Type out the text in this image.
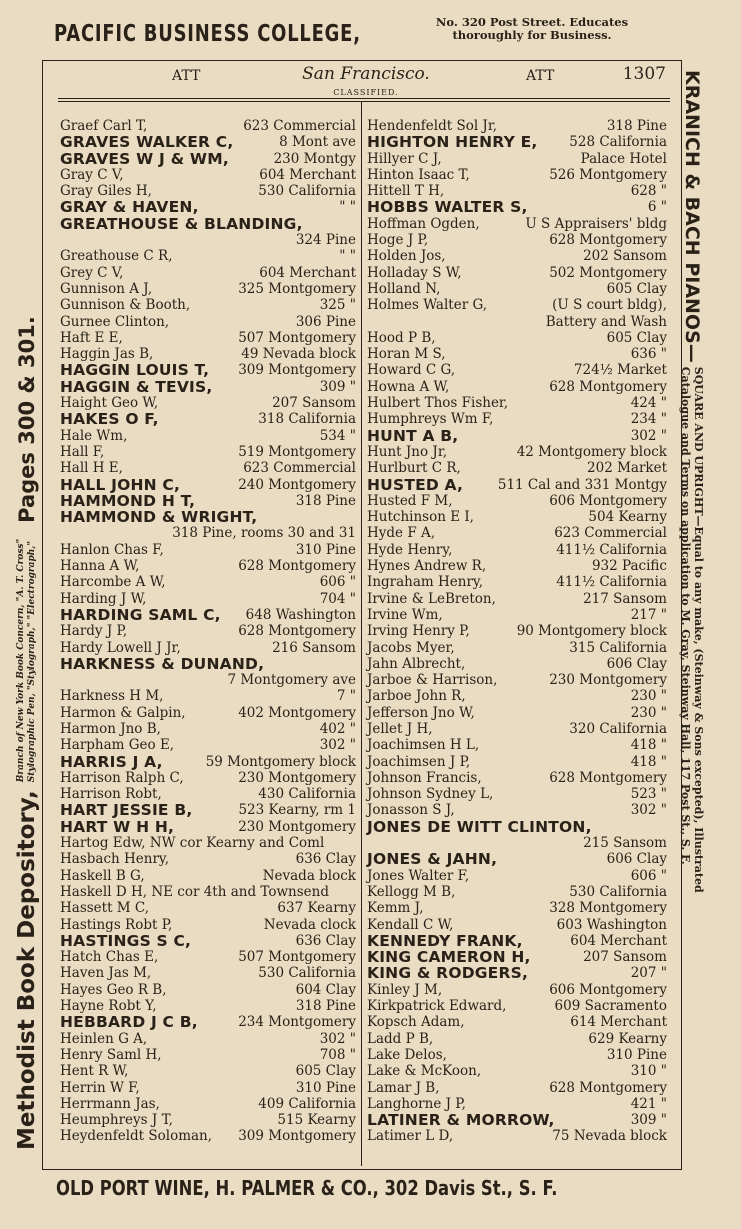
PACIFIC BUSINESS COLLEGE,	No. 320 Post Street. Educates
thoroughly for Business.
Methodist Book Depository,
Branch of New York Book Concern, "A. T. Cross" Stylographic Pen, "Stylograph," "Electrograph,"
Pages 300 & 301.
KRANICH & BACH PIANOS—
SQUARE AND UPRIGHT—Equal to any make, (Steinway & Sons excepted), Illustrated
Catalogue and Terms on application to M. Gray, Steinway Hall, 117 Post St., S. F.
ATT	San Francisco.	ATT	1307
CLASSIFIED.
Graef Carl T,	623 Commercial
GRAVES WALKER C,	8 Mont ave
GRAVES W J & WM,	230 Montgy
Gray C V,	604 Merchant
Gray Giles H,	530 California
GRAY & HAVEN,	" "
GREATHOUSE & BLANDING,
324 Pine
Greathouse C R,	" "
Grey C V,	604 Merchant
Gunnison A J,	325 Montgomery
Gunnison & Booth,	325 "
Gurnee Clinton,	306 Pine
Haft E E,	507 Montgomery
Haggin Jas B,	49 Nevada block
HAGGIN LOUIS T, 309 Montgomery
HAGGIN & TEVIS,	309 "
Haight Geo W,	207 Sansom
HAKES O F,	318 California
Hale Wm,	534 "
Hall F,	519 Montgomery
Hall H E,	623 Commercial
HALL JOHN C,	240 Montgomery
HAMMOND H T,	318 Pine
HAMMOND & WRIGHT,
318 Pine, rooms 30 and 31
Hanlon Chas F,	310 Pine
Hanna A W,	628 Montgomery
Harcombe A W,	606 "
Harding J W,	704 "
HARDING SAML C, 648 Washington
Hardy J P,	628 Montgomery
Hardy Lowell J Jr,	216 Sansom
HARKNESS & DUNAND,
7 Montgomery ave
Harkness H M,	7 "
Harmon & Galpin,	402 Montgomery
Harmon Jno B,	402 "
Harpham Geo E,	302 "
HARRIS J A,	59 Montgomery block
Harrison Ralph C,	230 Montgomery
Harrison Robt,	430 California
HART JESSIE B,	523 Kearny, rm 1
HART W H H,	230 Montgomery
Hartog Edw, NW cor Kearny and Coml
Hasbach Henry,	636 Clay
Haskell B G,	Nevada block
Haskell D H, NE cor 4th and Townsend
Hassett M C,	637 Kearny
Hastings Robt P,	Nevada clock
HASTINGS S C,	636 Clay
Hatch Chas E,	507 Montgomery
Haven Jas M,	530 California
Hayes Geo R B,	604 Clay
Hayne Robt Y,	318 Pine
HEBBARD J C B,	234 Montgomery
Heinlen G A,	302 "
Henry Saml H,	708 "
Hent R W,	605 Clay
Herrin W F,	310 Pine
Herrmann Jas,	409 California
Heumphreys J T,	515 Kearny
Heydenfeldt Soloman, 309 Montgomery
Hendenfeldt Sol Jr,	318 Pine
HIGHTON HENRY E, 528 California
Hillyer C J,	Palace Hotel
Hinton Isaac T,	526 Montgomery
Hittell T H,	628 "
HOBBS WALTER S,	6 "
Hoffman Ogden,	U S Appraisers' bldg
Hoge J P,	628 Montgomery
Holden Jos,	202 Sansom
Holladay S W,	502 Montgomery
Holland N,	605 Clay
Holmes Walter G,	(U S court bldg),
Battery and Wash
Hood P B,	605 Clay
Horan M S,	636 "
Howard C G,	724½ Market
Howna A W,	628 Montgomery
Hulbert Thos Fisher,	424 "
Humphreys Wm F,	234 "
HUNT A B,	302 "
Hunt Jno Jr,	42 Montgomery block
Hurlburt C R,	202 Market
HUSTED A,	511 Cal and 331 Montgy
Husted F M,	606 Montgomery
Hutchinson E I,	504 Kearny
Hyde F A,	623 Commercial
Hyde Henry,	411½ California
Hynes Andrew R,	932 Pacific
Ingraham Henry,	411½ California
Irvine & LeBreton,	217 Sansom
Irvine Wm,	217 "
Irving Henry P,	90 Montgomery block
Jacobs Myer,	315 California
Jahn Albrecht,	606 Clay
Jarboe & Harrison,	230 Montgomery
Jarboe John R,	230 "
Jefferson Jno W,	230 "
Jellet J H,	320 California
Joachimsen H L,	418 "
Joachimsen J P,	418 "
Johnson Francis,	628 Montgomery
Johnson Sydney L,	523 "
Jonasson S J,	302 "
JONES DE WITT CLINTON,
215 Sansom
JONES & JAHN,	606 Clay
Jones Walter F,	606 "
Kellogg M B,	530 California
Kemm J,	328 Montgomery
Kendall C W,	603 Washington
KENNEDY FRANK,	604 Merchant
KING CAMERON H,	207 Sansom
KING & RODGERS,	207 "
Kinley J M,	606 Montgomery
Kirkpatrick Edward,	609 Sacramento
Kopsch Adam,	614 Merchant
Ladd P B,	629 Kearny
Lake Delos,	310 Pine
Lake & McKoon,	310 "
Lamar J B,	628 Montgomery
Langhorne J P,	421 "
LATINER & MORROW,	309 "
Latimer L D,	75 Nevada block
OLD PORT WINE, H. PALMER & CO., 302 Davis St., S. F.
